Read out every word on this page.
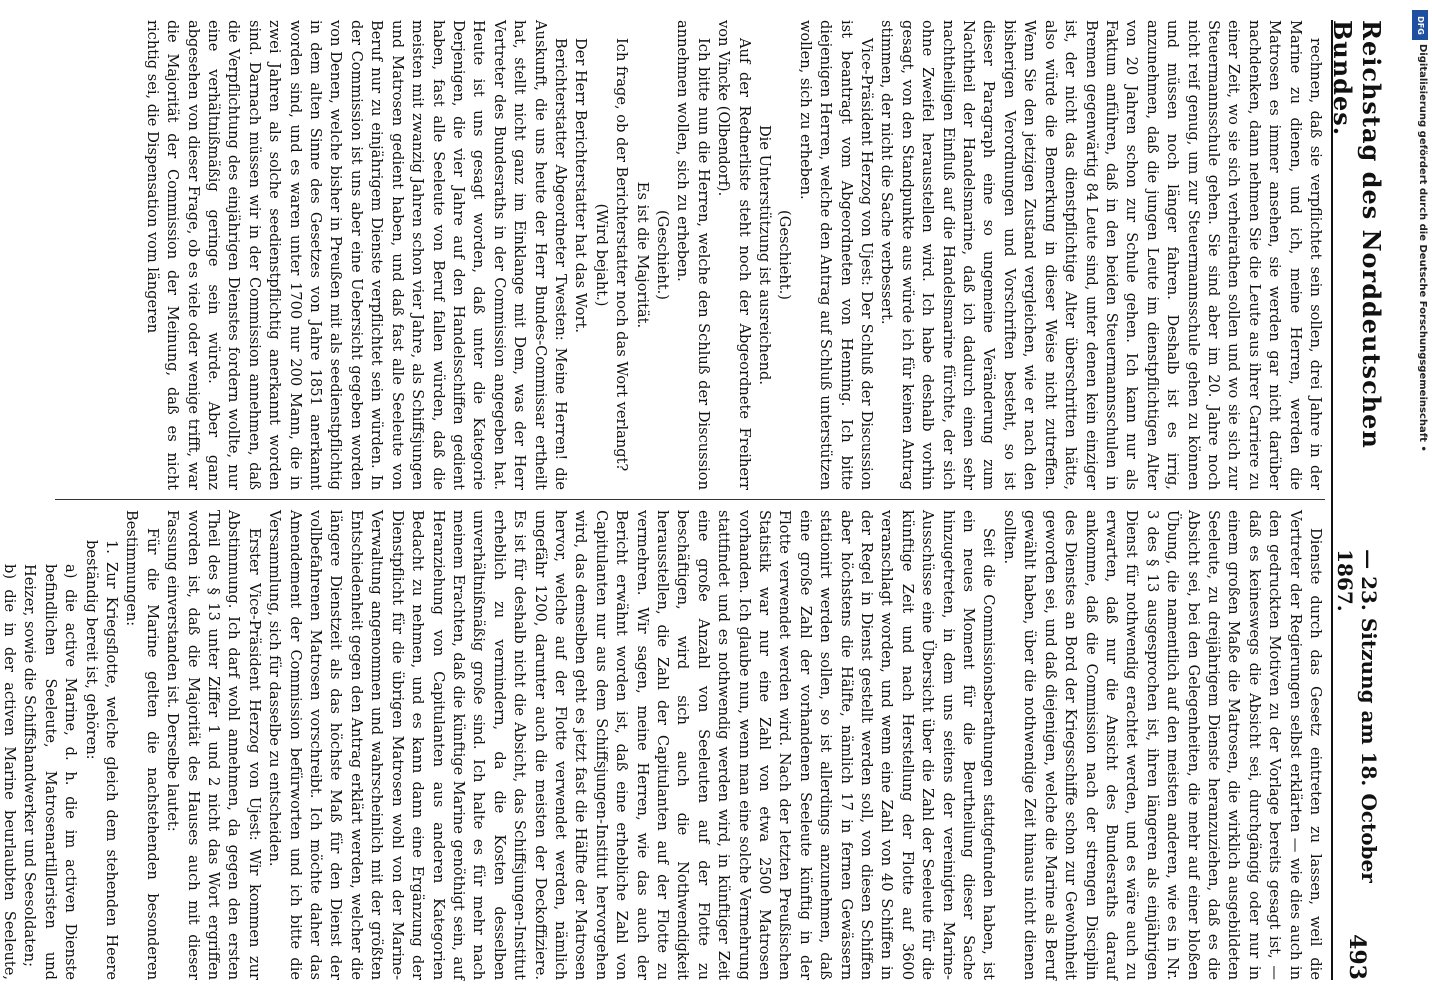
Reichstag des Norddeutschen Bundes.
— 23. Sitzung am 18. October 1867.
493

rechnen, daß sie verpflichtet sein sollen, drei Jahre in der Marine zu dienen, und ich, meine Herren, werden die Matrosen es immer ansehen, sie werden gar nicht darüber nachdenken, dann nehmen Sie die Leute aus ihrer Carriere zu einer Zeit, wo sie sich verheirathen sollen und wo sie sich zur Steuermannsschule gehen. Sie sind aber im 20. Jahre noch nicht reif genug, um zur Steuermannsschule gehen zu können und müssen noch länger fahren. Deshalb ist es irrig, anzunehmen, daß die jungen Leute im dienstpflichtigen Alter von 20 Jahren schon zur Schule gehen. Ich kann nur als Faktum anführen, daß in den beiden Steuermannsschulen in Bremen gegenwärtig 84 Leute sind, unter denen kein einziger ist, der nicht das dienstpflichtige Alter überschritten hätte, also würde die Bemerkung in dieser Weise nicht zutreffen. Wenn Sie den jetzigen Zustand vergleichen, wie er nach den bisherigen Verordnungen und Vorschriften besteht, so ist dieser Paragraph eine so ungemeine Veränderung zum Nachtheil der Handelsmarine, daß ich dadurch einen sehr nachtheiligen Einfluß auf die Handelsmarine fürchte, der sich ohne Zweifel herausstellen wird. Ich habe deshalb vorhin gesagt, von den Standpunkte aus würde ich für keinen Antrag stimmen, der nicht die Sache verbessert.

Vice-Präsident Herzog von Ujest: Der Schluß der Discussion ist beantragt vom Abgeordneten von Henning. Ich bitte diejenigen Herren, welche den Antrag auf Schluß unterstützen wollen, sich zu erheben.

(Geschieht.)

Die Unterstützung ist ausreichend.

Auf der Rednerliste steht noch der Abgeordnete Freiherr von Vincke (Olbendorf).

Ich bitte nun die Herren, welche den Schluß der Discussion annehmen wollen, sich zu erheben.

(Geschieht.)

Es ist die Majorität.

Ich frage, ob der Berichterstatter noch das Wort verlangt?

(Wird bejaht.)

Der Herr Berichterstatter hat das Wort.

Berichterstatter Abgeordneter Twesten: Meine Herren! die Auskunft, die uns heute der Herr Bundes-Commissar ertheilt hat, stellt nicht ganz im Einklange mit Dem, was der Herr Vertreter des Bundesraths in der Commission angegeben hat. Heute ist uns gesagt worden, daß unter die Kategorie Derjenigen, die vier Jahre auf den Handelsschiffen gedient haben, fast alle Seeleute von Beruf fallen würden, daß die meisten mit zwanzig Jahren schon vier Jahre, als Schiffsjungen und Matrosen gedient haben, und daß fast alle Seeleute von Beruf nur zu einjährigem Dienste verpflichtet sein würden. In der Commission ist uns aber eine Uebersicht gegeben worden von Denen, welche bisher in Preußen mit als seedienstpflichtig in dem alten Sinne des Gesetzes von Jahre 1851 anerkannt worden sind, und es waren unter 1700 nur 200 Mann, die in zwei Jahren als solche seedienstpflichtig anerkannt worden sind. Darnach müssen wir in der Commission annehmen, daß die Verpflichtung des einjährigen Dienstes fordern wollte, nur eine verhältnißmäßig geringe sein würde. Aber ganz abgesehen von dieser Frage, ob es viele oder wenige trifft, war die Majorität der Commission der Meinung, daß es nicht richtig sei, die Dispensation vom längeren

Dienste durch das Gesetz eintreten zu lassen, weil die Vertreter der Regierungen selbst erklärten — wie dies auch in den gedruckten Motiven zu der Vorlage bereits gesagt ist, — daß es keineswegs die Absicht sei, durchgängig oder nur in einem großen Maße die Matrosen, die wirklich ausgebildeten Seeleute, zu dreijährigem Dienste heranzuziehen, daß es die Absicht sei, bei den Gelegenheiten, die mehr auf einer bloßen Übung, die namentlich auf den meisten anderen, wie es in Nr. 3 des § 13 ausgesprochen ist, ihren längeren als einjährigen Dienst für nothwendig erachtet werden, und es wäre auch zu erwarten, daß nur die Ansicht des Bundesraths darauf ankomme, daß die Commission nach der strengen Disciplin des Dienstes an Bord der Kriegsschiffe schon zur Gewohnheit geworden sei, und daß diejenigen, welche die Marine als Beruf gewählt haben, über die nothwendige Zeit hinaus nicht dienen sollten.

Seit die Commissionsberathungen stattgefunden haben, ist ein neues Moment für die Beurtheilung dieser Sache hinzugetreten, in dem uns seitens der vereinigten Marine-Ausschüsse eine Übersicht über die Zahl der Seeleute für die künftige Zeit und nach Herstellung der Flotte auf 3600 veranschlagt worden, und wenn eine Zahl von 40 Schiffen in der Regel in Dienst gestellt werden soll, von diesen Schiffen aber höchstens die Hälfte, nämlich 17 in fernen Gewässern stationirt werden sollen, so ist allerdings anzunehmen, daß eine große Zahl der vorhandenen Seeleute künftig in der Flotte verwendet werden wird. Nach der letzten Preußischen Statistik war nur eine Zahl von etwa 2500 Matrosen vorhanden. Ich glaube nun, wenn man eine solche Vermehrung stattfindet und es nothwendig werden wird, in künftiger Zeit eine große Anzahl von Seeleuten auf der Flotte zu beschäftigen, wird sich auch die Nothwendigkeit herausstellen, die Zahl der Capitulanten auf der Flotte zu vermehren. Wir sagen, meine Herren, wie das auch der Bericht erwähnt worden ist, daß eine erhebliche Zahl von Capitulanten nur aus dem Schiffsjungen-Institut hervorgehen wird, das demselben geht es jetzt fast die Hälfte der Matrosen hervor, welche auf der Flotte verwendet werden, nämlich ungefähr 1200, darunter auch die meisten der Deckoffiziere. Es ist für deshalb nicht die Absicht, das Schiffsjungen-Institut erheblich zu vermindern, da die Kosten desselben unverhältnißmäßig große sind. Ich halte es für mehr nach meinem Erachten, daß die künftige Marine genöthigt sein, auf Heranziehung von Capitulanten aus anderen Kategorien Bedacht zu nehmen, und es kann dann eine Ergänzung der Dienstpflicht für die übrigen Matrosen wohl von der Marine-Verwaltung angenommen und wahrscheinlich mit der größten Entschiedenheit gegen den Antrag erklärt werden, welcher die längere Dienstzeit als das höchste Maß für den Dienst der vollbefahrenen Matrosen vorschreibt. Ich möchte daher das Amendement der Commission befürworten und ich bitte die Versammlung, sich für dasselbe zu entscheiden.

Erster Vice-Präsident Herzog von Ujest: Wir kommen zur Abstimmung. Ich darf wohl annehmen, da gegen den ersten Theil des § 13 unter Ziffer 1 und 2 nicht das Wort ergriffen worden ist, daß die Majorität des Hauses auch mit dieser Fassung einverstanden ist. Derselbe lautet:

Für die Marine gelten die nachstehenden besonderen Bestimmungen:

1. Zur Kriegsflotte, welche gleich dem stehenden Heere beständig bereit ist, gehören:

a) die active Marine, d. h. die im activen Dienste befindlichen Seeleute, Matrosenartilleristen und Heizer, sowie die Schiffshandwerker und Seesoldaten;

b) die in der activen Marine beurlaubten Seeleute,

DFG
Digitalisierung gefördert durch die Deutsche Forschungsgemeinschaft •
